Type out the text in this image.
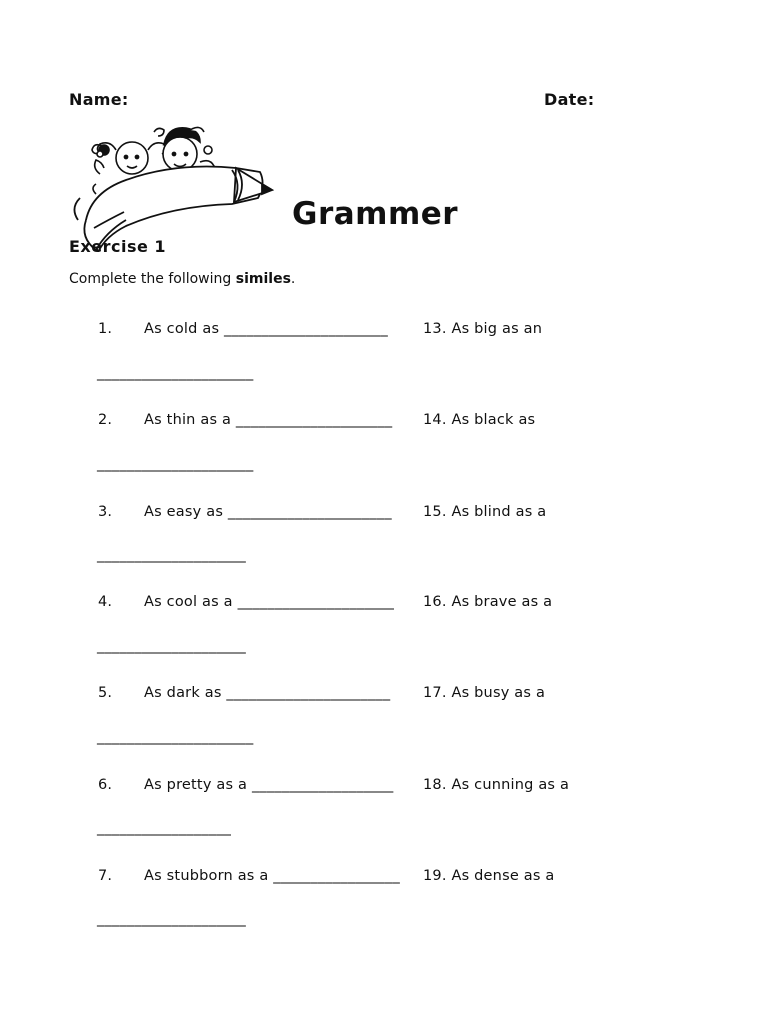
Name:	Date:
Grammer
Exercise 1
Complete the following similes.
1. As cold as ______________________ 13. As big as an
_____________________
2. As thin as a _____________________ 14. As black as
_____________________
3. As easy as ______________________ 15. As blind as a
____________________
4. As cool as a _____________________ 16. As brave as a
____________________
5. As dark as ______________________ 17. As busy as a
_____________________
6. As pretty as a ___________________ 18. As cunning as a
__________________
7. As stubborn as a _________________ 19. As dense as a
____________________
